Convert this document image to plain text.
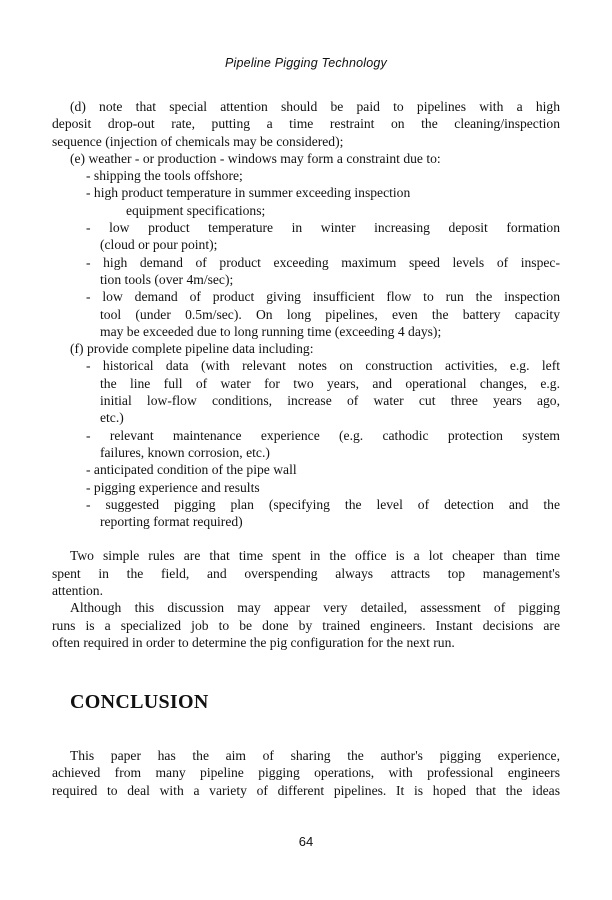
Pipeline Pigging Technology
(d) note that special attention should be paid to pipelines with a high
deposit drop-out rate, putting a time restraint on the cleaning/inspection
sequence (injection of chemicals may be considered);
(e) weather - or production - windows may form a constraint due to:
- shipping the tools offshore;
- high product temperature in summer exceeding inspection
equipment specifications;
- low product temperature in winter increasing deposit formation
(cloud or pour point);
- high demand of product exceeding maximum speed levels of inspec-
tion tools (over 4m/sec);
- low demand of product giving insufficient flow to run the inspection
tool (under 0.5m/sec). On long pipelines, even the battery capacity
may be exceeded due to long running time (exceeding 4 days);
(f) provide complete pipeline data including:
- historical data (with relevant notes on construction activities, e.g. left
the line full of water for two years, and operational changes, e.g.
initial low-flow conditions, increase of water cut three years ago,
etc.)
- relevant maintenance experience (e.g. cathodic protection system
failures, known corrosion, etc.)
- anticipated condition of the pipe wall
- pigging experience and results
- suggested pigging plan (specifying the level of detection and the
reporting format required)
Two simple rules are that time spent in the office is a lot cheaper than time
spent in the field, and overspending always attracts top management's
attention.
Although this discussion may appear very detailed, assessment of pigging
runs is a specialized job to be done by trained engineers. Instant decisions are
often required in order to determine the pig configuration for the next run.
CONCLUSION
This paper has the aim of sharing the author's pigging experience,
achieved from many pipeline pigging operations, with professional engineers
required to deal with a variety of different pipelines. It is hoped that the ideas
64
